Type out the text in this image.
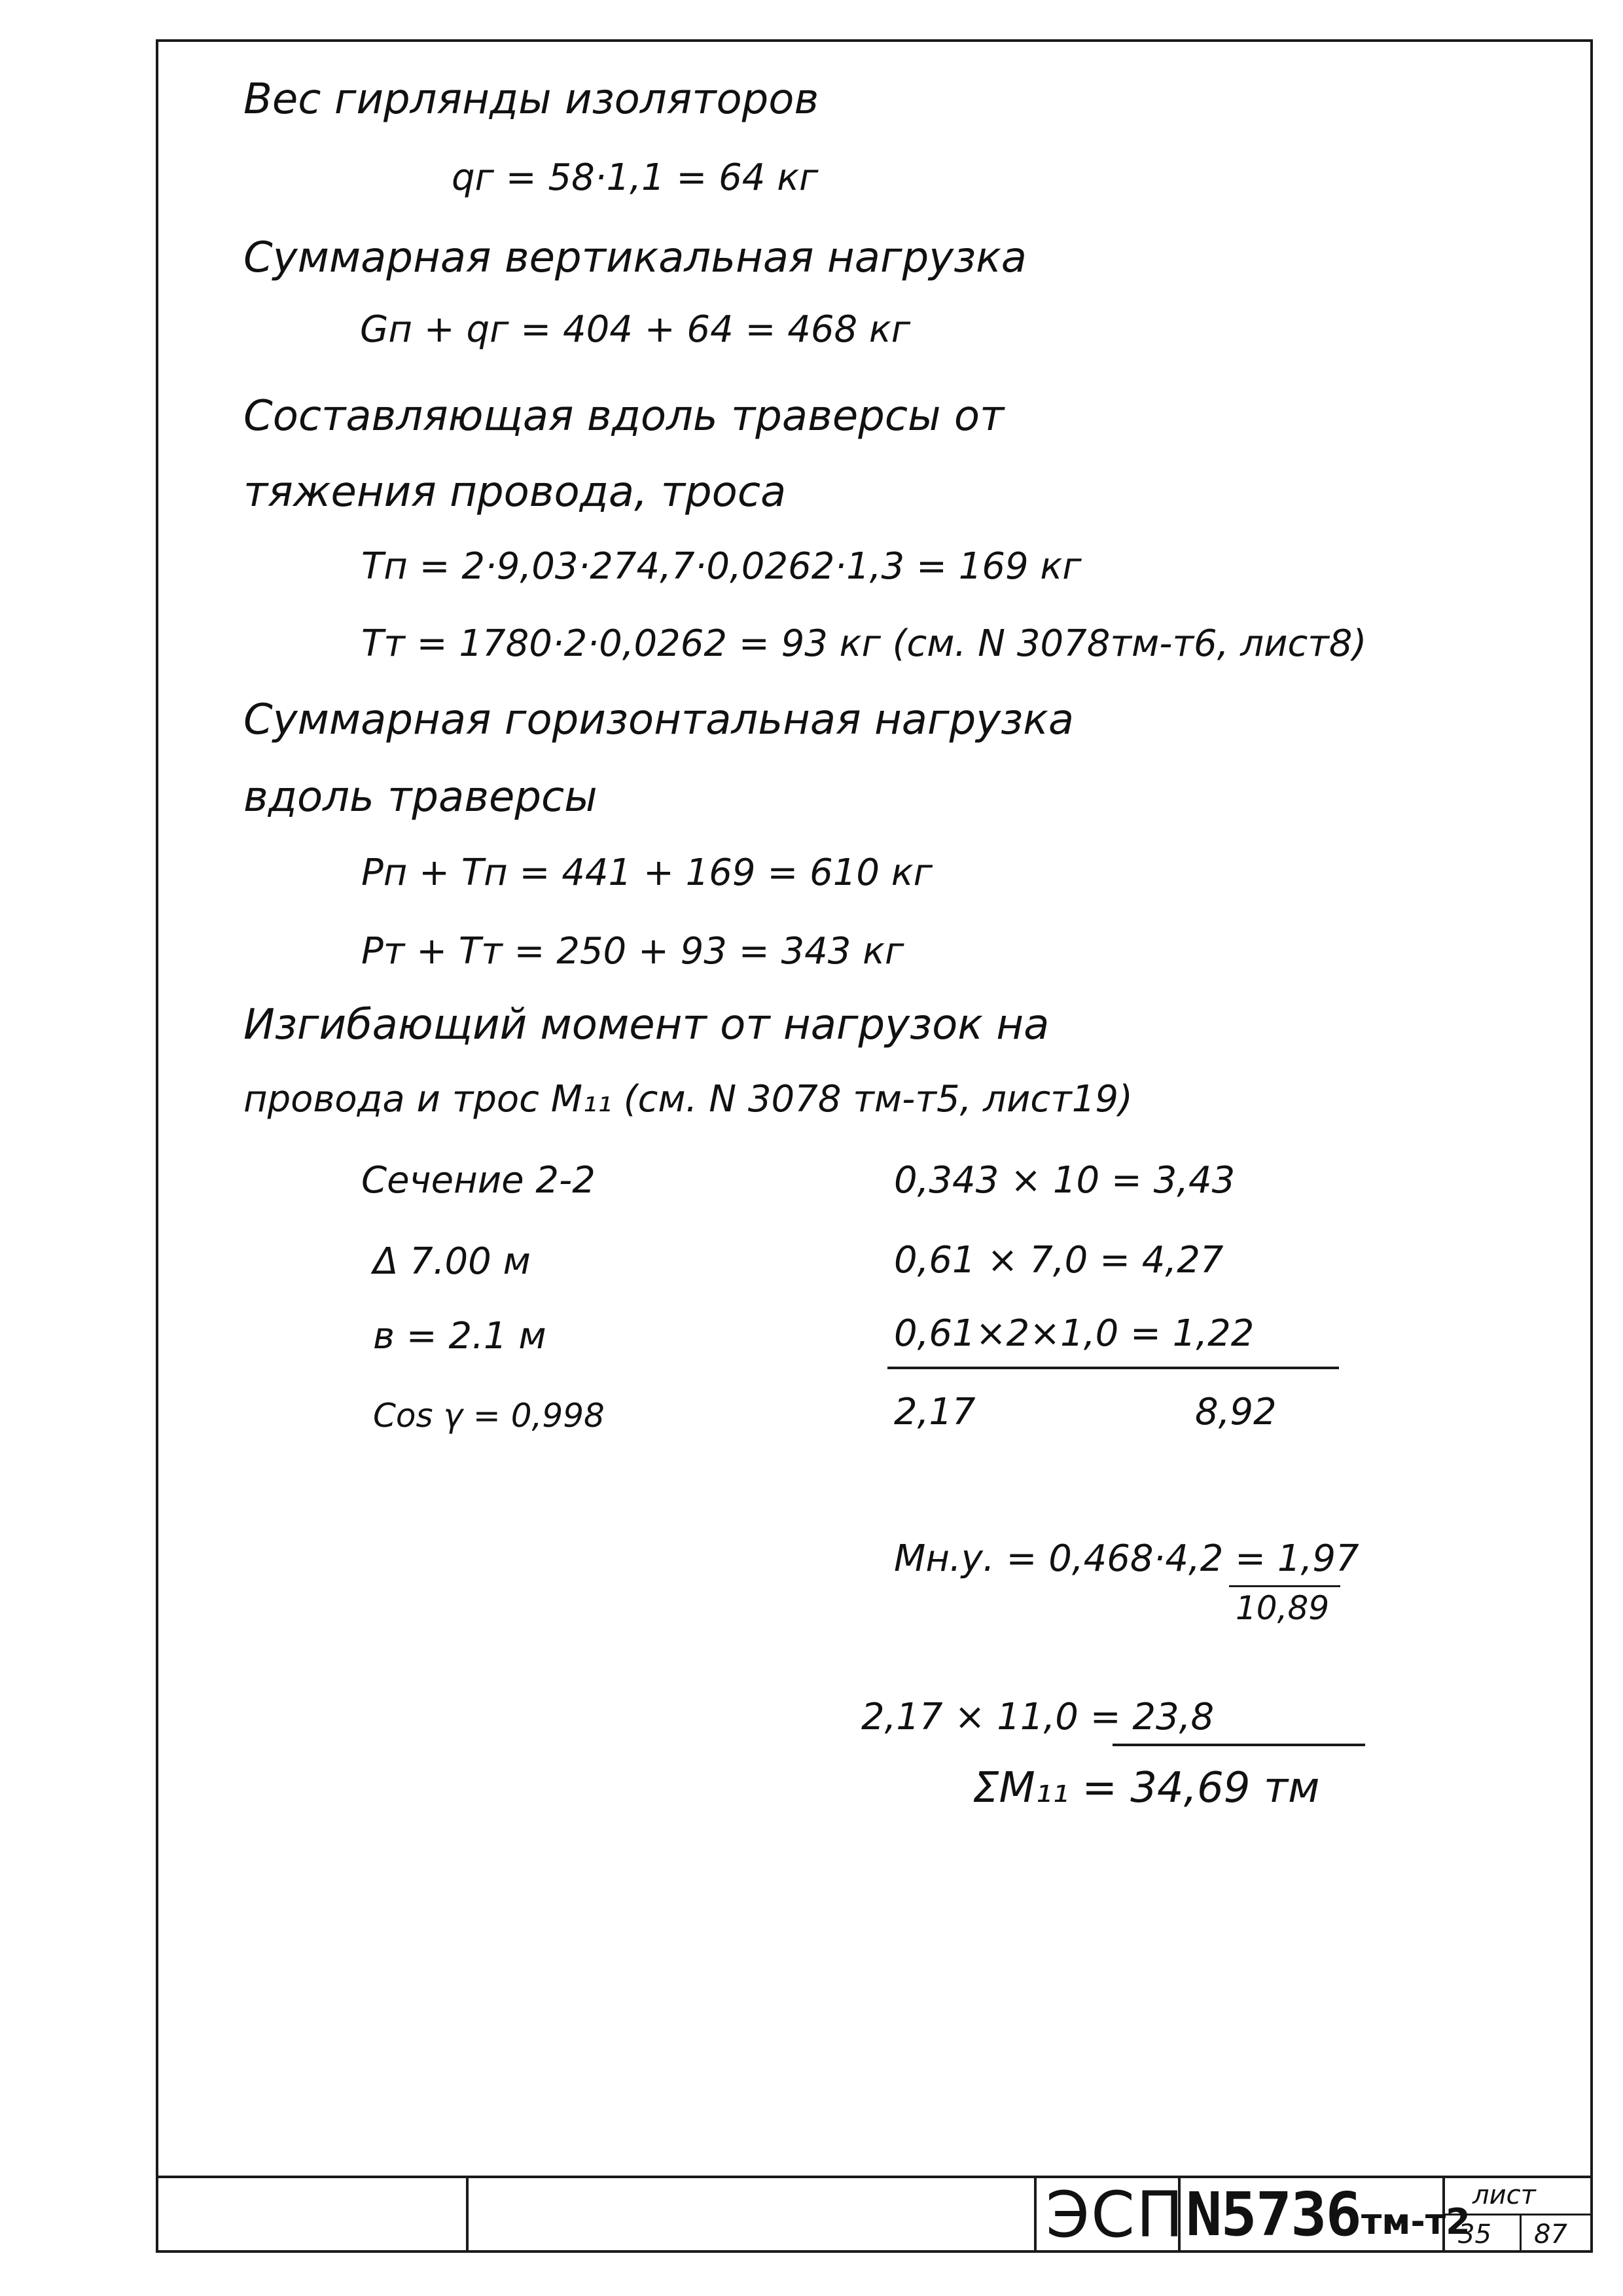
Вес гирлянды изоляторов
qг = 58·1,1 = 64 кг
Суммарная вертикальная нагрузка
Gп + qг = 404 + 64 = 468 кг
Составляющая вдоль траверсы от
тяжения провода, троса
Tп = 2·9,03·274,7·0,0262·1,3 = 169 кг
Tт = 1780·2·0,0262 = 93 кг (см. N 3078тм-т6, лист8)
Суммарная горизонтальная нагрузка
вдоль траверсы
Pп + Tп = 441 + 169 = 610 кг
Pт + Tт = 250 + 93 = 343 кг
Изгибающий момент от нагрузок на
провода и трос M₁₁ (см. N 3078 тм-т5, лист19)
Сечение 2-2
Δ 7.00 м
в = 2.1 м
Cos γ = 0,998
0,343 × 10 = 3,43
0,61 × 7,0 = 4,27
0,61×2×1,0 = 1,22
2,17	8,92
Mн.у. = 0,468·4,2 = 1,97
10,89
2,17 × 11,0 = 23,8
ΣM₁₁ = 34,69 тм
ЭСП N5736 тм-т2
лист
35 87
